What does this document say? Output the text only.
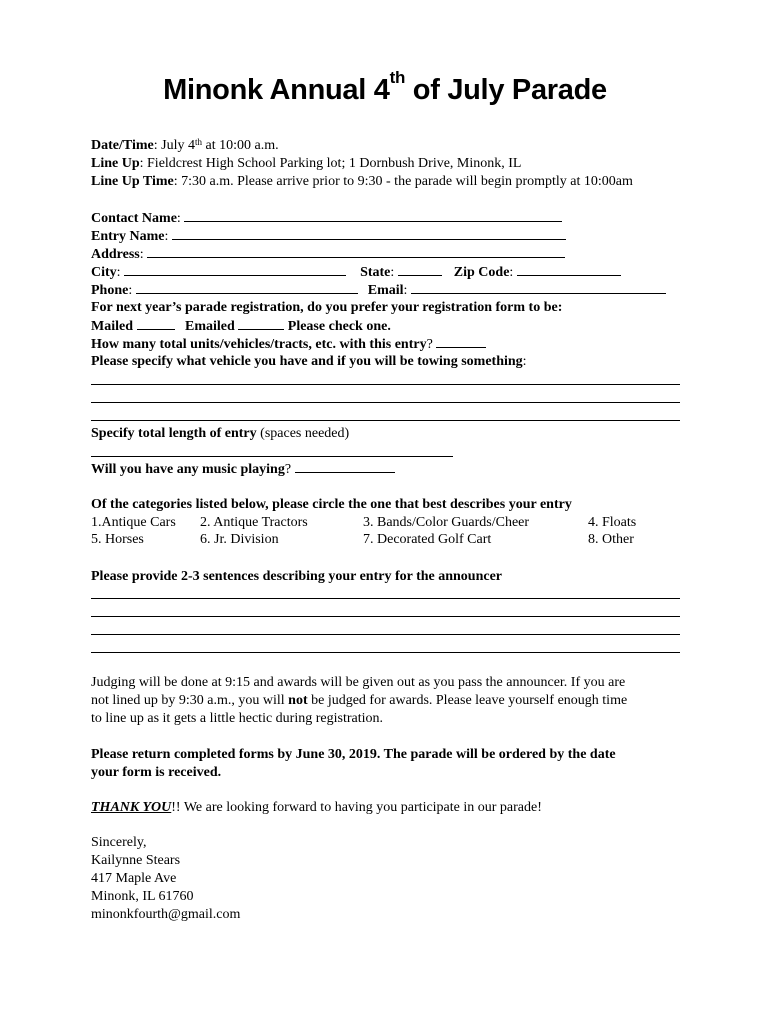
Minonk Annual 4th of July Parade
Date/Time: July 4th at 10:00 a.m.
Line Up: Fieldcrest High School Parking lot; 1 Dornbush Drive, Minonk, IL
Line Up Time: 7:30 a.m. Please arrive prior to 9:30 - the parade will begin promptly at 10:00am
Contact Name:
Entry Name:
Address:
City:	State:	Zip Code:
Phone:	Email:
For next year’s parade registration, do you prefer your registration form to be:
Mailed	Emailed	Please check one.
How many total units/vehicles/tracts, etc. with this entry?
Please specify what vehicle you have and if you will be towing something:
Specify total length of entry (spaces needed)
Will you have any music playing?
Of the categories listed below, please circle the one that best describes your entry
1.Antique Cars 2. Antique Tractors	3. Bands/Color Guards/Cheer	4. Floats
5. Horses	6. Jr. Division	7. Decorated Golf Cart	8. Other
Please provide 2-3 sentences describing your entry for the announcer
Judging will be done at 9:15 and awards will be given out as you pass the announcer. If you are
not lined up by 9:30 a.m., you will not be judged for awards. Please leave yourself enough time
to line up as it gets a little hectic during registration.
Please return completed forms by June 30, 2019. The parade will be ordered by the date
your form is received.
THANK YOU!! We are looking forward to having you participate in our parade!
Sincerely,
Kailynne Stears
417 Maple Ave
Minonk, IL 61760
minonkfourth@gmail.com
